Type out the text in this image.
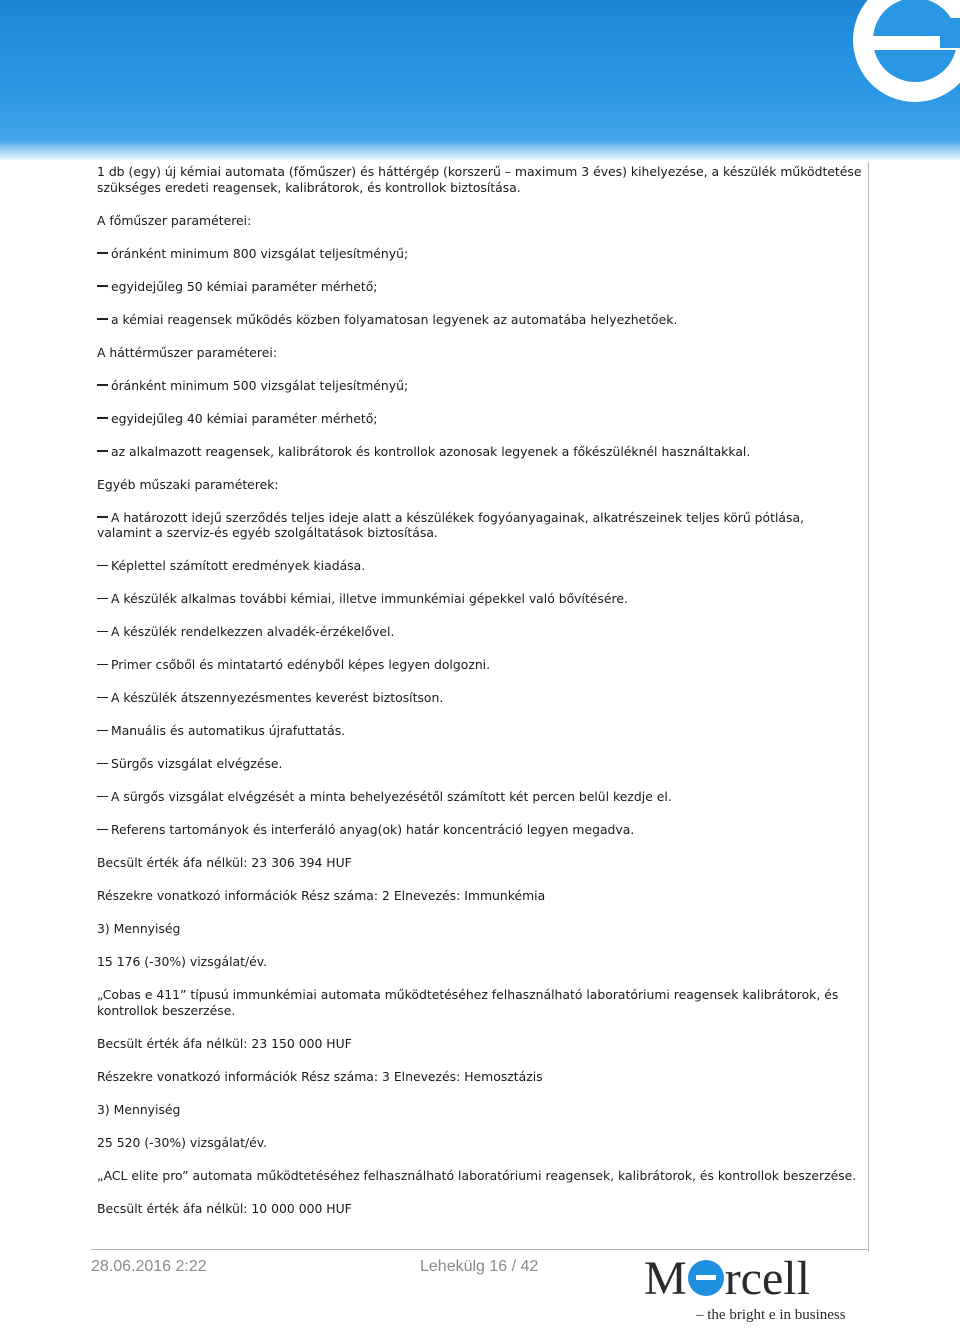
1 db (egy) új kémiai automata (főműszer) és háttérgép (korszerű – maximum 3 éves) kihelyezése, a készülék működtetése szükséges eredeti reagensek, kalibrátorok, és kontrollok biztosítása.

A főműszer paraméterei:

óránként minimum 800 vizsgálat teljesítményű;

egyidejűleg 50 kémiai paraméter mérhető;

a kémiai reagensek működés közben folyamatosan legyenek az automatába helyezhetőek.

A háttérműszer paraméterei:

óránként minimum 500 vizsgálat teljesítményű;

egyidejűleg 40 kémiai paraméter mérhető;

az alkalmazott reagensek, kalibrátorok és kontrollok azonosak legyenek a főkészüléknél használtakkal.

Egyéb műszaki paraméterek:

A határozott idejű szerződés teljes ideje alatt a készülékek fogyóanyagainak, alkatrészeinek teljes körű pótlása, valamint a szerviz-és egyéb szolgáltatások biztosítása.

Képlettel számított eredmények kiadása.

A készülék alkalmas további kémiai, illetve immunkémiai gépekkel való bővítésére.

A készülék rendelkezzen alvadék-érzékelővel.

Primer csőből és mintatartó edényből képes legyen dolgozni.

A készülék átszennyezésmentes keverést biztosítson.

Manuális és automatikus újrafuttatás.

Sürgős vizsgálat elvégzése.

A sürgős vizsgálat elvégzését a minta behelyezésétől számított két percen belül kezdje el.

Referens tartományok és interferáló anyag(ok) határ koncentráció legyen megadva.

Becsült érték áfa nélkül: 23 306 394 HUF

Részekre vonatkozó információk Rész száma: 2 Elnevezés: Immunkémia

3) Mennyiség

15 176 (-30%) vizsgálat/év.

„Cobas e 411” típusú immunkémiai automata működtetéséhez felhasználható laboratóriumi reagensek kalibrátorok, és kontrollok beszerzése.

Becsült érték áfa nélkül: 23 150 000 HUF

Részekre vonatkozó információk Rész száma: 3 Elnevezés: Hemosztázis

3) Mennyiség

25 520 (-30%) vizsgálat/év.

„ACL elite pro” automata működtetéséhez felhasználható laboratóriumi reagensek, kalibrátorok, és kontrollok beszerzése.

Becsült érték áfa nélkül: 10 000 000 HUF

28.06.2016 2:22	Lehekülg 16 / 42 M rcell
– the bright e in business
